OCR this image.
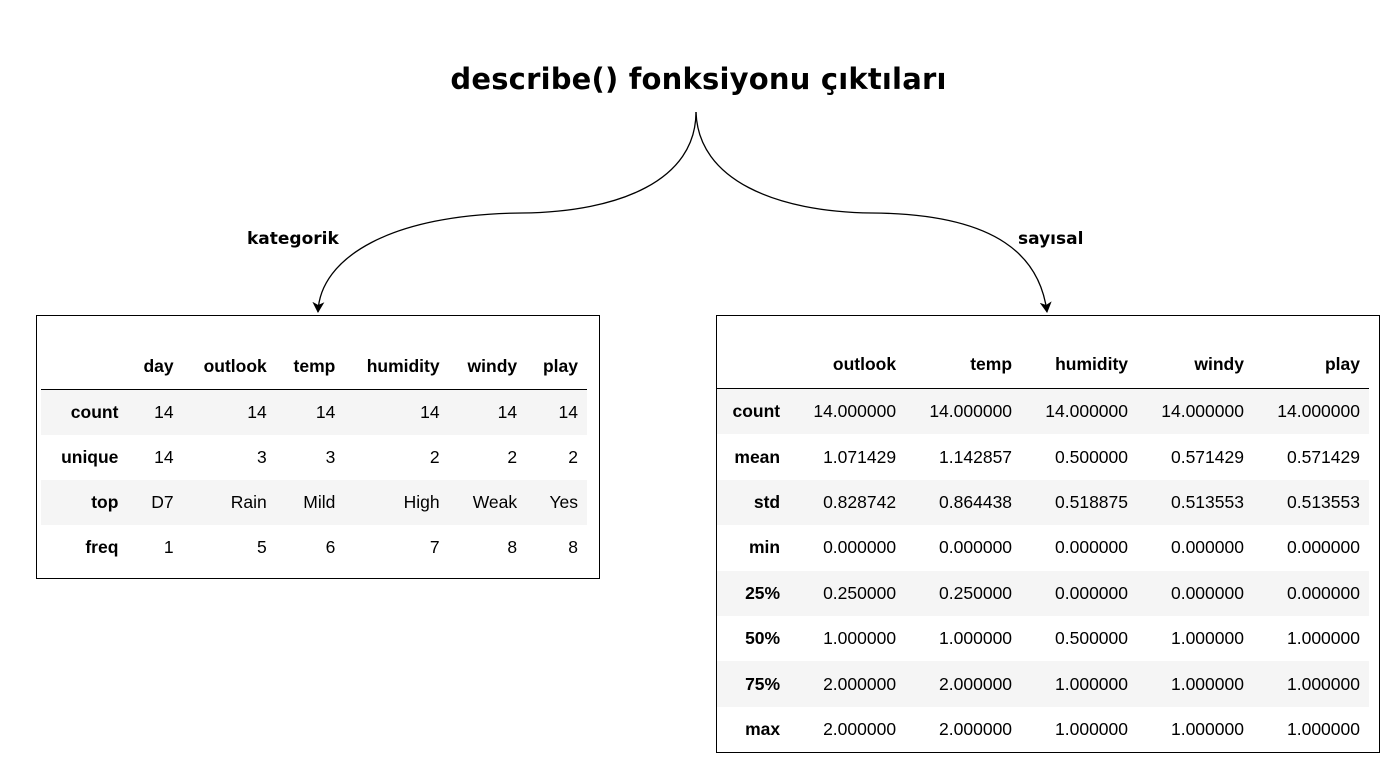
describe() fonksiyonu çıktıları
kategorik	sayısal
	day	outlook	temp	humidity	windy	play
count	14	14	14	14	14	14
unique	14	3	3	2	2	2
top	D7	Rain	Mild	High	Weak	Yes
freq	1	5	6	7	8	8
	outlook	temp	humidity	windy	play
count	14.000000	14.000000	14.000000	14.000000	14.000000
mean	1.071429	1.142857	0.500000	0.571429	0.571429
std	0.828742	0.864438	0.518875	0.513553	0.513553
min	0.000000	0.000000	0.000000	0.000000	0.000000
25%	0.250000	0.250000	0.000000	0.000000	0.000000
50%	1.000000	1.000000	0.500000	1.000000	1.000000
75%	2.000000	2.000000	1.000000	1.000000	1.000000
max	2.000000	2.000000	1.000000	1.000000	1.000000
